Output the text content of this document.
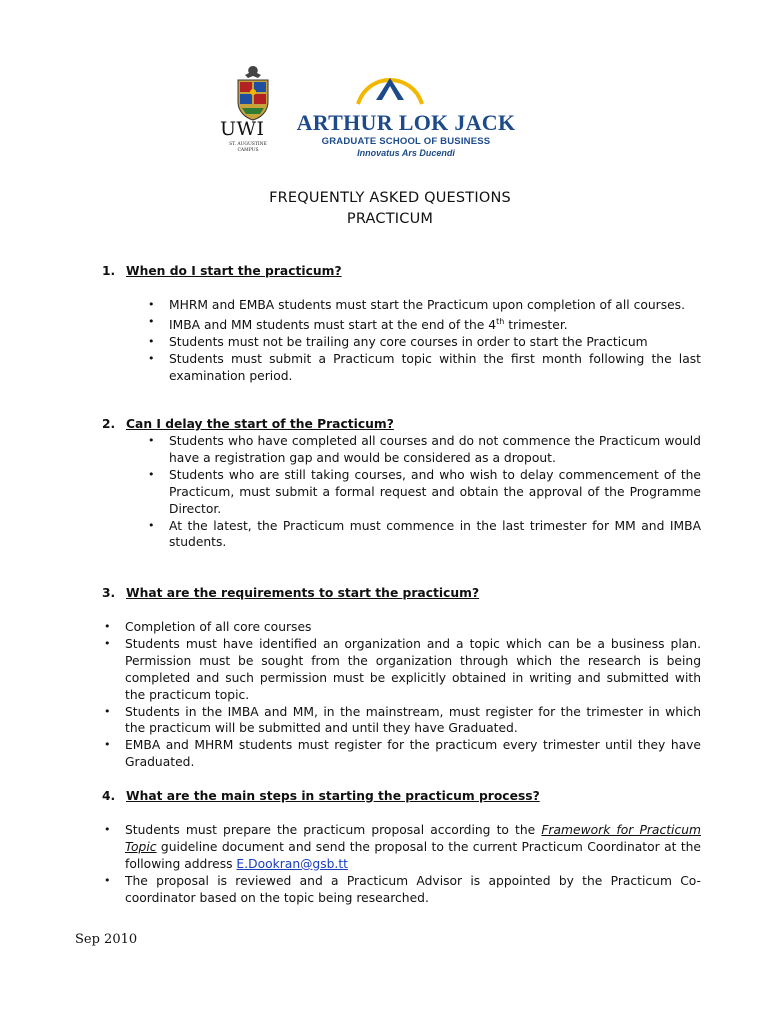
UWI
ST. AUGUSTINE CAMPUS
ARTHUR LOK JACK
GRADUATE SCHOOL OF BUSINESS
Innovatus Ars Ducendi
FREQUENTLY ASKED QUESTIONS
PRACTICUM
1. When do I start the practicum?
• MHRM and EMBA students must start the Practicum upon completion of all courses.
• IMBA and MM students must start at the end of the 4th trimester.
• Students must not be trailing any core courses in order to start the Practicum
• Students must submit a Practicum topic within the first month following the last examination period.
2. Can I delay the start of the Practicum?
• Students who have completed all courses and do not commence the Practicum would have a registration gap and would be considered as a dropout.
• Students who are still taking courses, and who wish to delay commencement of the Practicum, must submit a formal request and obtain the approval of the Programme Director.
• At the latest, the Practicum must commence in the last trimester for MM and IMBA students.
3. What are the requirements to start the practicum?
• Completion of all core courses
• Students must have identified an organization and a topic which can be a business plan. Permission must be sought from the organization through which the research is being completed and such permission must be explicitly obtained in writing and submitted with the practicum topic.
• Students in the IMBA and MM, in the mainstream, must register for the trimester in which the practicum will be submitted and until they have Graduated.
• EMBA and MHRM students must register for the practicum every trimester until they have Graduated.
4. What are the main steps in starting the practicum process?
• Students must prepare the practicum proposal according to the Framework for Practicum Topic guideline document and send the proposal to the current Practicum Coordinator at the following address E.Dookran@gsb.tt
• The proposal is reviewed and a Practicum Advisor is appointed by the Practicum Co-coordinator based on the topic being researched.
Sep 2010
